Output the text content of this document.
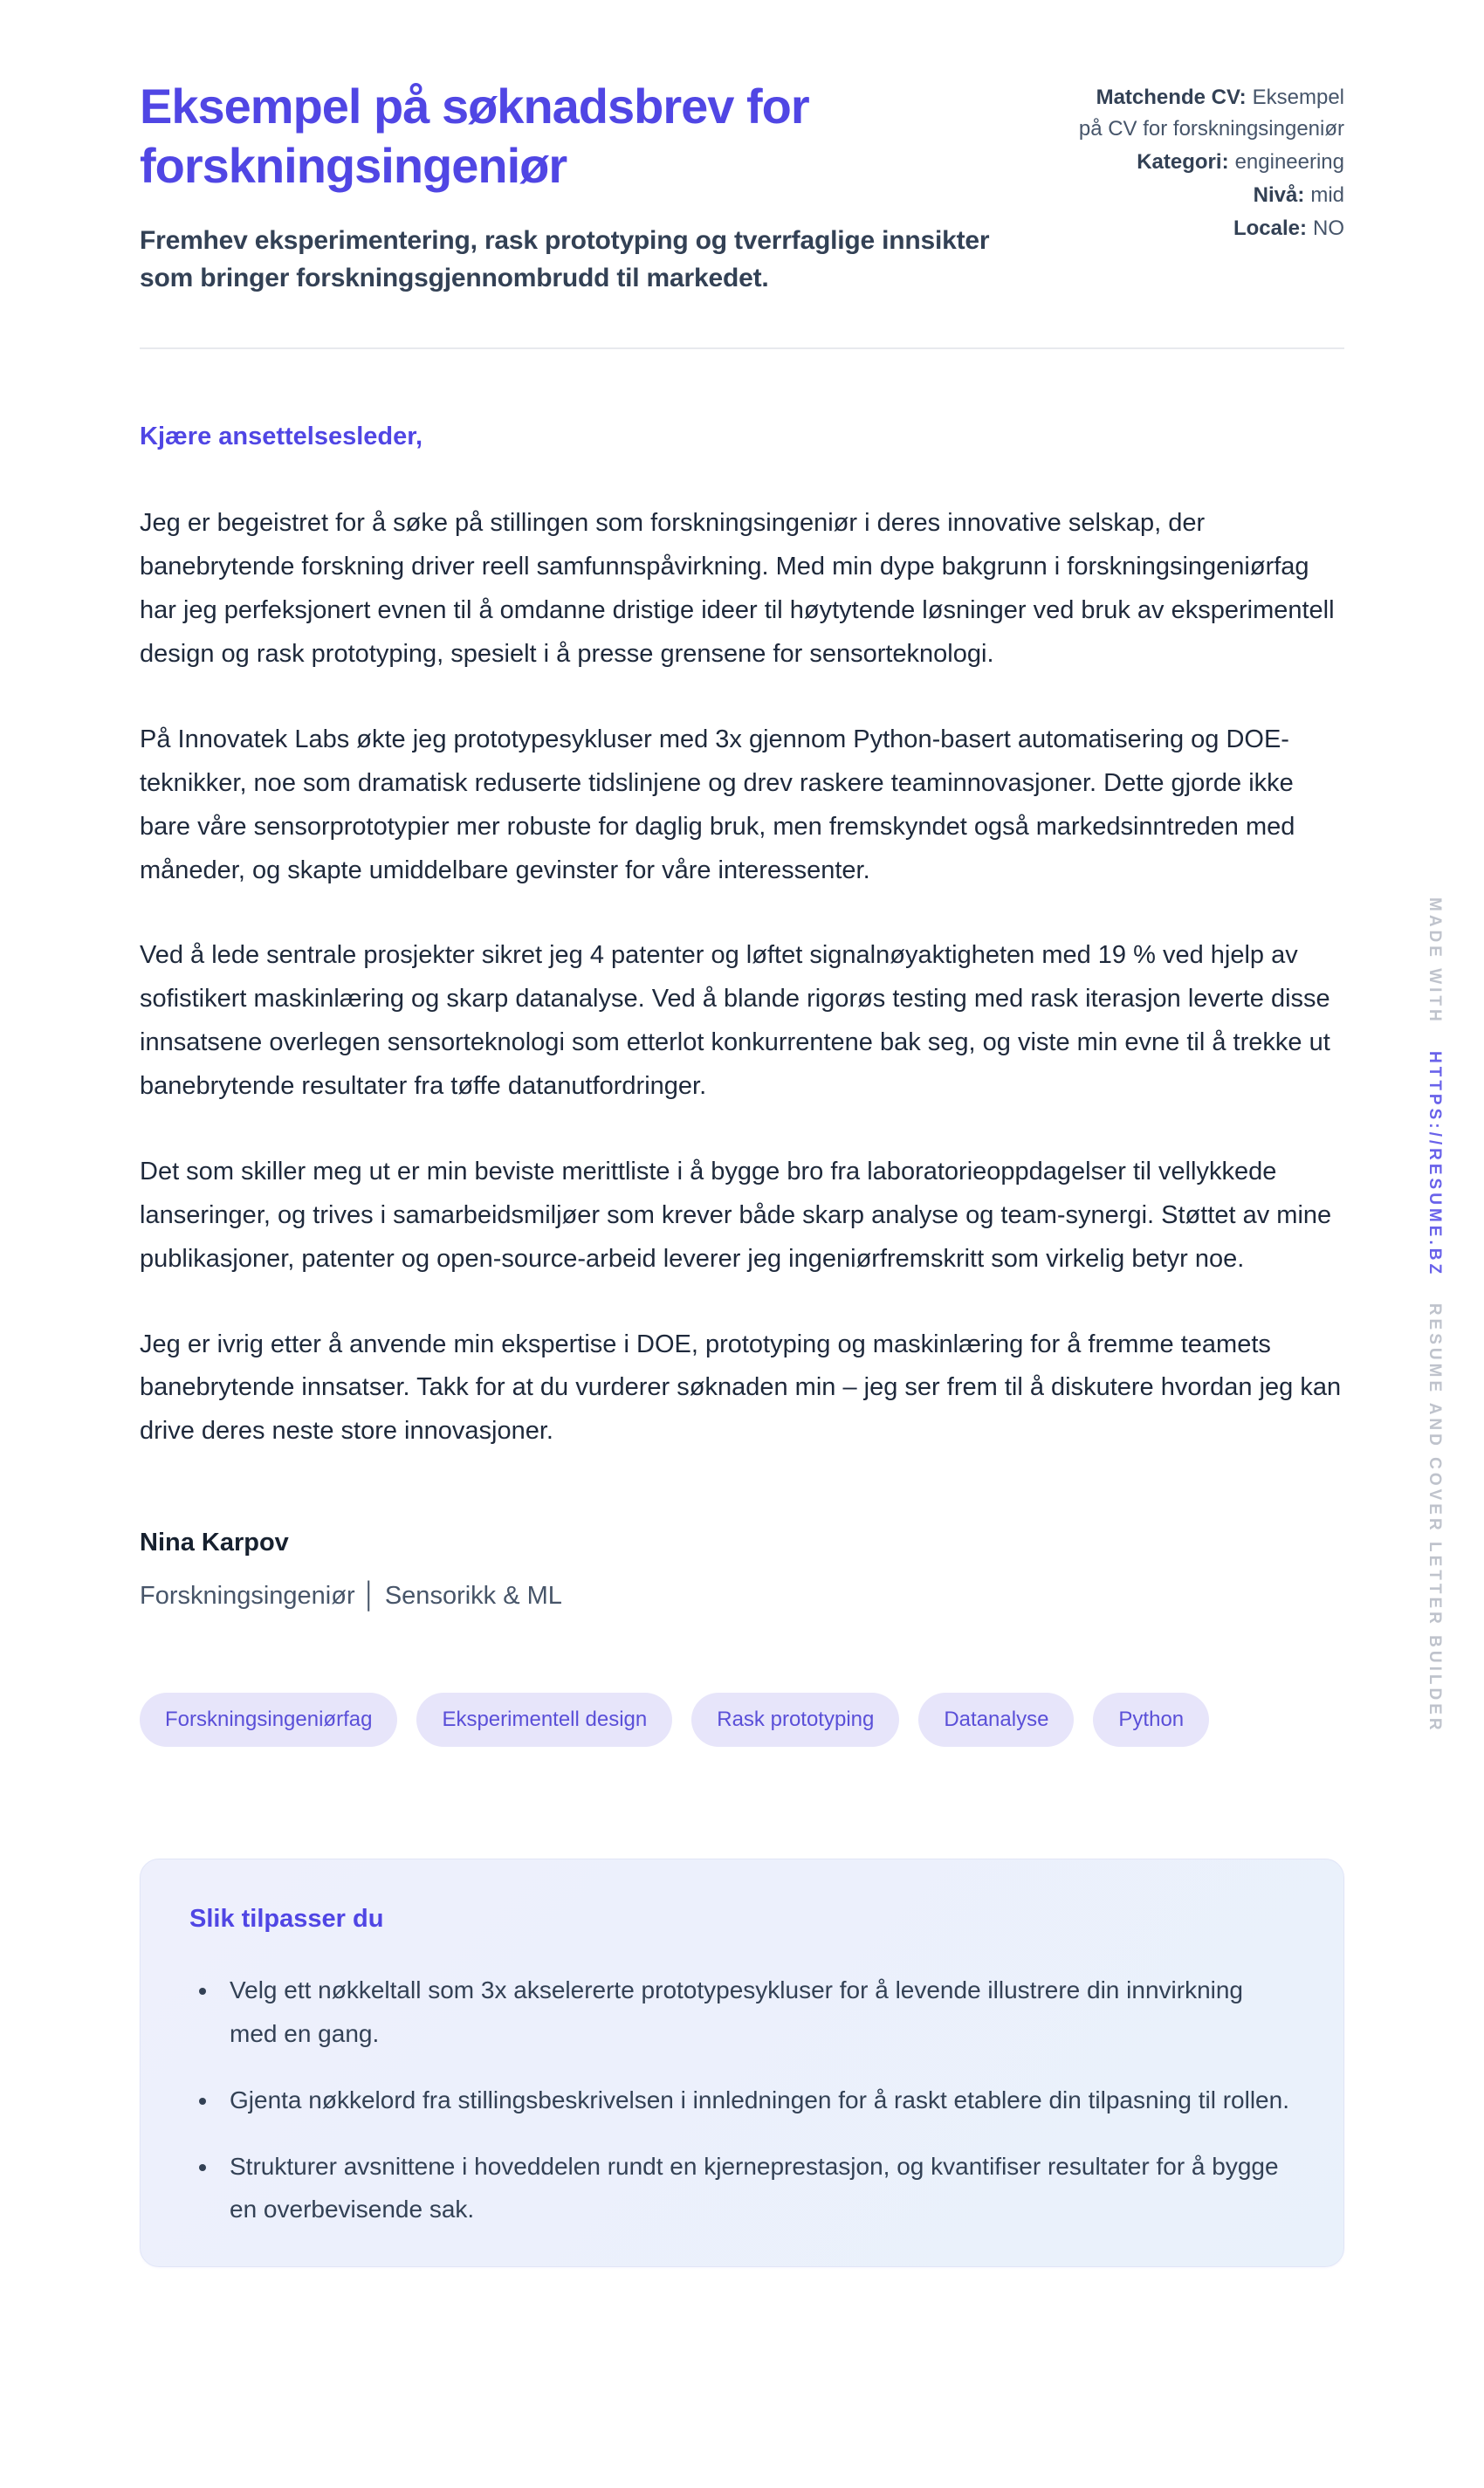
Eksempel på søknadsbrev for forskningsingeniør

Fremhev eksperimentering, rask prototyping og tverrfaglige innsikter som bringer forskningsgjennombrudd til markedet.

Matchende CV: Eksempel på CV for forskningsingeniør
Kategori: engineering
Nivå: mid
Locale: NO

Kjære ansettelsesleder,

Jeg er begeistret for å søke på stillingen som forskningsingeniør i deres innovative selskap, der banebrytende forskning driver reell samfunnspåvirkning. Med min dype bakgrunn i forskningsingeniørfag har jeg perfeksjonert evnen til å omdanne dristige ideer til høytytende løsninger ved bruk av eksperimentell design og rask prototyping, spesielt i å presse grensene for sensorteknologi.

På Innovatek Labs økte jeg prototypesykluser med 3x gjennom Python-basert automatisering og DOE-teknikker, noe som dramatisk reduserte tidslinjene og drev raskere teaminnovasjoner. Dette gjorde ikke bare våre sensorprototypier mer robuste for daglig bruk, men fremskyndet også markedsinntreden med måneder, og skapte umiddelbare gevinster for våre interessenter.

Ved å lede sentrale prosjekter sikret jeg 4 patenter og løftet signalnøyaktigheten med 19 % ved hjelp av sofistikert maskinlæring og skarp datanalyse. Ved å blande rigorøs testing med rask iterasjon leverte disse innsatsene overlegen sensorteknologi som etterlot konkurrentene bak seg, og viste min evne til å trekke ut banebrytende resultater fra tøffe datanutfordringer.

Det som skiller meg ut er min beviste merittliste i å bygge bro fra laboratorieoppdagelser til vellykkede lanseringer, og trives i samarbeidsmiljøer som krever både skarp analyse og team-synergi. Støttet av mine publikasjoner, patenter og open-source-arbeid leverer jeg ingeniørfremskritt som virkelig betyr noe.

Jeg er ivrig etter å anvende min ekspertise i DOE, prototyping og maskinlæring for å fremme teamets banebrytende innsatser. Takk for at du vurderer søknaden min – jeg ser frem til å diskutere hvordan jeg kan drive deres neste store innovasjoner.

Nina Karpov

Forskningsingeniør │ Sensorikk & ML

Forskningsingeniørfag	Eksperimentell design	Rask prototyping	Datanalyse	Python
Slik tilpasser du
• Velg ett nøkkeltall som 3x akselererte prototypesykluser for å levende illustrere din innvirkning med en gang.
• Gjenta nøkkelord fra stillingsbeskrivelsen i innledningen for å raskt etablere din tilpasning til rollen.
• Strukturer avsnittene i hoveddelen rundt en kjerneprestasjon, og kvantifiser resultater for å bygge en overbevisende sak.
MADE WITHHTTPS://RESUME.BZRESUME AND COVER LETTER BUILDER
